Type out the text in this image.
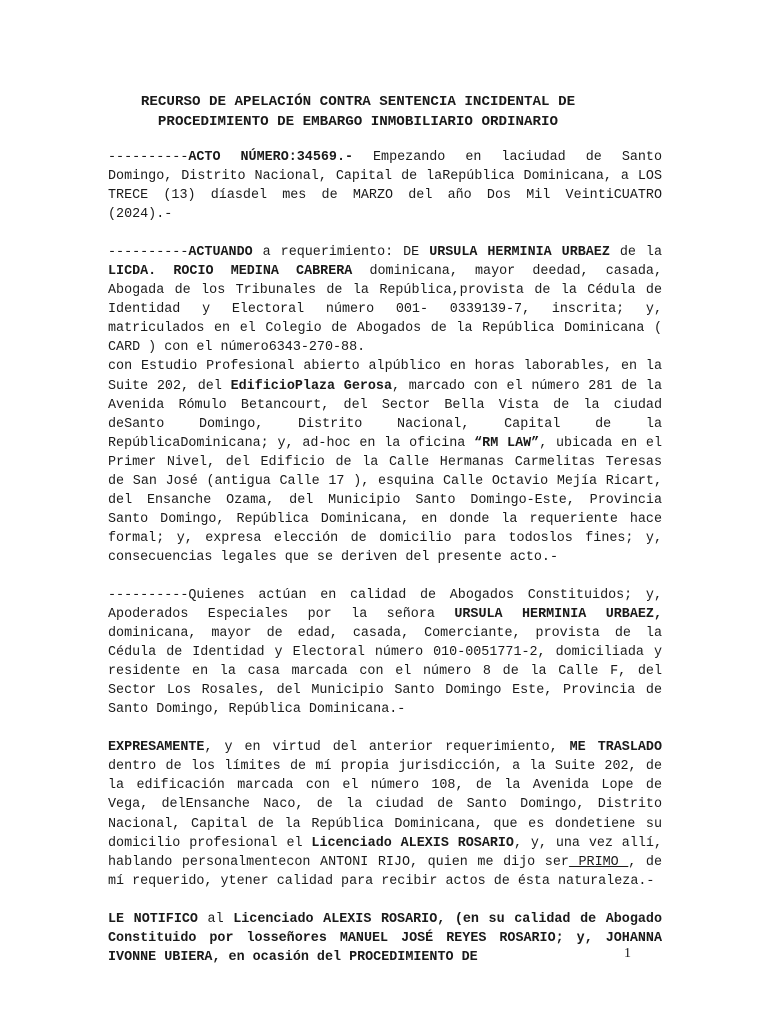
RECURSO DE APELACIÓN CONTRA SENTENCIA INCIDENTAL DE
PROCEDIMIENTO DE EMBARGO INMOBILIARIO ORDINARIO

----------ACTO NÚMERO:34569.- Empezando en laciudad de Santo Domingo, Distrito Nacional, Capital de laRepública Dominicana, a LOS TRECE (13) díasdel mes de MARZO del año Dos Mil VeintiCUATRO (2024).-

----------ACTUANDO a requerimiento: DE URSULA HERMINIA URBAEZ de la LICDA. ROCIO MEDINA CABRERA dominicana, mayor deedad, casada, Abogada de los Tribunales de la República,provista de la Cédula de Identidad y Electoral número 001- 0339139-7, inscrita; y, matriculados en el Colegio de Abogados de la República Dominicana ( CARD ) con el número6343-270-88.

con Estudio Profesional abierto alpúblico en horas laborables, en la Suite 202, del EdificioPlaza Gerosa, marcado con el número 281 de la Avenida Rómulo Betancourt, del Sector Bella Vista de la ciudad deSanto Domingo, Distrito Nacional, Capital de la RepúblicaDominicana; y, ad-hoc en la oficina “RM LAW”, ubicada en el Primer Nivel, del Edificio de la Calle Hermanas Carmelitas Teresas de San José (antigua Calle 17 ), esquina Calle Octavio Mejía Ricart, del Ensanche Ozama, del Municipio Santo Domingo-Este, Provincia Santo Domingo, República Dominicana, en donde la requeriente hace formal; y, expresa elección de domicilio para todoslos fines; y, consecuencias legales que se deriven del presente acto.-

----------Quienes actúan en calidad de Abogados Constituidos; y, Apoderados Especiales por la señora URSULA HERMINIA URBAEZ, dominicana, mayor de edad, casada, Comerciante, provista de la Cédula de Identidad y Electoral número 010-0051771-2, domiciliada y residente en la casa marcada con el número 8 de la Calle F, del Sector Los Rosales, del Municipio Santo Domingo Este, Provincia de Santo Domingo, República Dominicana.-

EXPRESAMENTE, y en virtud del anterior requerimiento, ME TRASLADO dentro de los límites de mí propia jurisdicción, a la Suite 202, de la edificación marcada con el número 108, de la Avenida Lope de Vega, delEnsanche Naco, de la ciudad de Santo Domingo, Distrito Nacional, Capital de la República Dominicana, que es dondetiene su domicilio profesional el Licenciado ALEXIS ROSARIO, y, una vez allí, hablando personalmentecon ANTONI RIJO, quien me dijo ser PRIMO , de mí requerido, ytener calidad para recibir actos de ésta naturaleza.-

LE NOTIFICO al Licenciado ALEXIS ROSARIO, (en su calidad de Abogado Constituido por losseñores MANUEL JOSÉ REYES ROSARIO; y, JOHANNA IVONNE UBIERA, en ocasión del PROCEDIMIENTO DE	1
